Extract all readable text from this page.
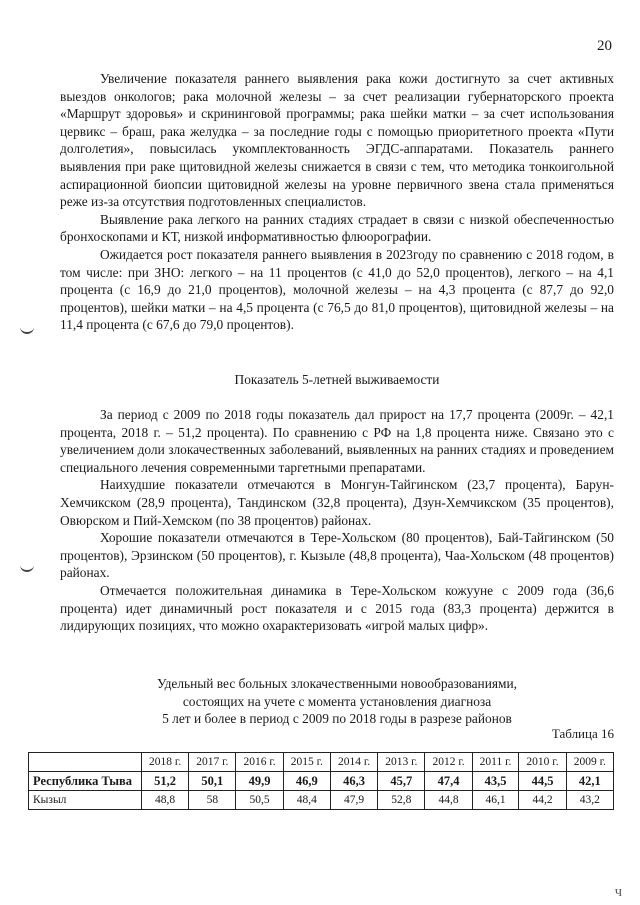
20

Увеличение показателя раннего выявления рака кожи достигнуто за счет активных выездов онкологов; рака молочной железы – за счет реализации губернаторского проекта «Маршрут здоровья» и скрининговой программы; рака шейки матки – за счет использования цервикс – браш, рака желудка – за последние годы с помощью приоритетного проекта «Пути долголетия», повысилась укомплектованность ЭГДС-аппаратами. Показатель раннего выявления при раке щитовидной железы снижается в связи с тем, что методика тонкоигольной аспирационной биопсии щитовидной железы на уровне первичного звена стала применяться реже из-за отсутствия подготовленных специалистов.

Выявление рака легкого на ранних стадиях страдает в связи с низкой обеспеченностью бронхоскопами и КТ, низкой информативностью флюорографии.

Ожидается рост показателя раннего выявления в 2023году по сравнению с 2018 годом, в том числе: при ЗНО: легкого – на 11 процентов (с 41,0 до 52,0 процентов), легкого – на 4,1 процента (с 16,9 до 21,0 процентов), молочной железы – на 4,3 процента (с 87,7 до 92,0 процентов), шейки матки – на 4,5 процента (с 76,5 до 81,0 процентов), щитовидной железы – на 11,4 процента (с 67,6 до 79,0 процентов).

Показатель 5-летней выживаемости

За период с 2009 по 2018 годы показатель дал прирост на 17,7 процента (2009г. – 42,1 процента, 2018 г. – 51,2 процента). По сравнению с РФ на 1,8 процента ниже. Связано это с увеличением доли злокачественных заболеваний, выявленных на ранних стадиях и проведением специального лечения современными таргетными препаратами.

Наихудшие показатели отмечаются в Монгун-Тайгинском (23,7 процента), Барун-Хемчикском (28,9 процента), Тандинском (32,8 процента), Дзун-Хемчикском (35 процентов), Овюрском и Пий-Хемском (по 38 процентов) районах.

Хорошие показатели отмечаются в Тере-Хольском (80 процентов), Бай-Тайгинском (50 процентов), Эрзинском (50 процентов), г. Кызыле (48,8 процента), Чаа-Хольском (48 процентов) районах.

Отмечается положительная динамика в Тере-Хольском кожууне с 2009 года (36,6 процента) идет динамичный рост показателя и с 2015 года (83,3 процента) держится в лидирующих позициях, что можно охарактеризовать «игрой малых цифр».

Удельный вес больных злокачественными новообразованиями,
состоящих на учете с момента установления диагноза
5 лет и более в период с 2009 по 2018 годы в разрезе районов
Таблица 16
	2018 г.	2017 г.	2016 г.	2015 г.	2014 г.	2013 г.	2012 г.	2011 г.	2010 г.	2009 г.
Республика Тыва	51,2	50,1	49,9	46,9	46,3	45,7	47,4	43,5	44,5	42,1
Кызыл	48,8	58	50,5	48,4	47,9	52,8	44,8	46,1	44,2	43,2
Ч
